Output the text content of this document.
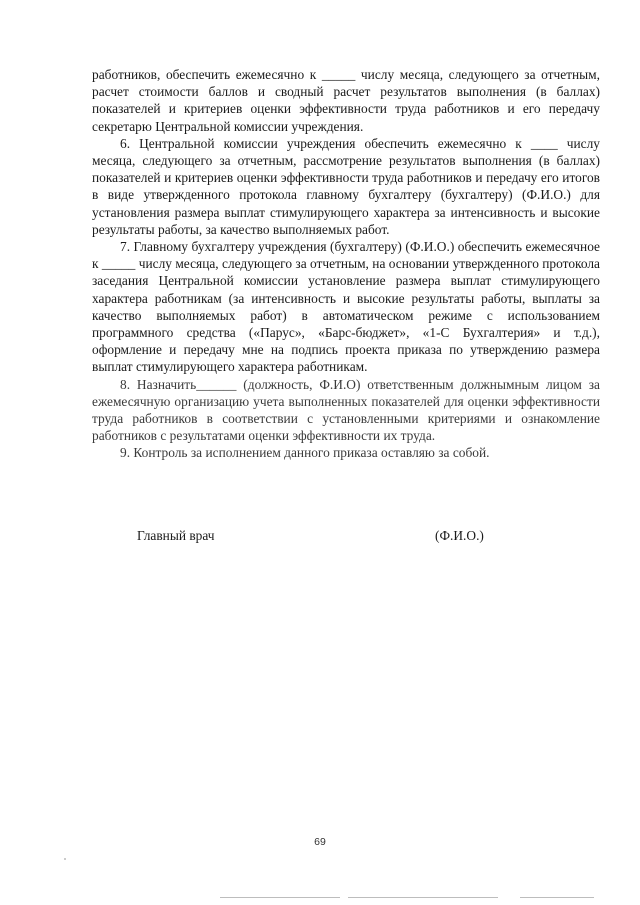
работников, обеспечить ежемесячно к _____ числу месяца, следующего за отчетным, расчет стоимости баллов и сводный расчет результатов выполнения (в баллах) показателей и критериев оценки эффективности труда работников и его передачу секретарю Центральной комиссии учреждения.

6. Центральной комиссии учреждения обеспечить ежемесячно к ____ числу месяца, следующего за отчетным, рассмотрение результатов выполнения (в баллах) показателей и критериев оценки эффективности труда работников и передачу его итогов в виде утвержденного протокола главному бухгалтеру (бухгалтеру) (Ф.И.О.) для установления размера выплат стимулирующего характера за интенсивность и высокие результаты работы, за качество выполняемых работ.

7. Главному бухгалтеру учреждения (бухгалтеру) (Ф.И.О.) обеспечить ежемесячное к _____ числу месяца, следующего за отчетным, на основании утвержденного протокола заседания Центральной комиссии установление размера выплат стимулирующего характера работникам (за интенсивность и высокие результаты работы, выплаты за качество выполняемых работ) в автоматическом режиме с использованием программного средства («Парус», «Барс-бюджет», «1-С Бухгалтерия» и т.д.), оформление и передачу мне на подпись проекта приказа по утверждению размера выплат стимулирующего характера работникам.

8. Назначить______ (должность, Ф.И.О) ответственным должнымным лицом за ежемесячную организацию учета выполненных показателей для оценки эффективности труда работников в соответствии с установленными критериями и ознакомление работников с результатами оценки эффективности их труда.

9. Контроль за исполнением данного приказа оставляю за собой.

Главный врач	(Ф.И.О.)
69
